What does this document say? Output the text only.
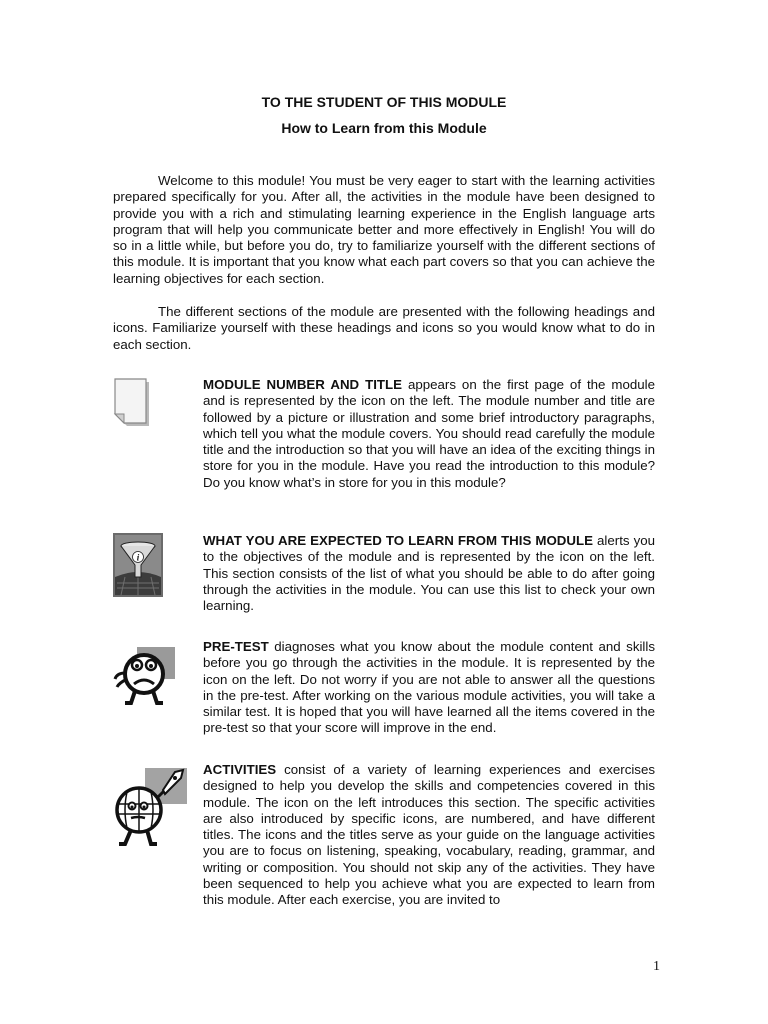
TO THE STUDENT OF THIS MODULE
How to Learn from this Module

Welcome to this module! You must be very eager to start with the learning activities prepared specifically for you. After all, the activities in the module have been designed to provide you with a rich and stimulating learning experience in the English language arts program that will help you communicate better and more effectively in English! You will do so in a little while, but before you do, try to familiarize yourself with the different sections of this module. It is important that you know what each part covers so that you can achieve the learning objectives for each section.

The different sections of the module are presented with the following headings and icons. Familiarize yourself with these headings and icons so you would know what to do in each section.

MODULE NUMBER AND TITLE appears on the first page of the module and is represented by the icon on the left. The module number and title are followed by a picture or illustration and some brief introductory paragraphs, which tell you what the module covers. You should read carefully the module title and the introduction so that you will have an idea of the exciting things in store for you in the module. Have you read the introduction to this module? Do you know what’s in store for you in this module?

i

WHAT YOU ARE EXPECTED TO LEARN FROM THIS MODULE alerts you to the objectives of the module and is represented by the icon on the left. This section consists of the list of what you should be able to do after going through the activities in the module. You can use this list to check your own learning.

PRE-TEST diagnoses what you know about the module content and skills before you go through the activities in the module. It is represented by the icon on the left. Do not worry if you are not able to answer all the questions in the pre-test. After working on the various module activities, you will take a similar test. It is hoped that you will have learned all the items covered in the pre-test so that your score will improve in the end.

ACTIVITIES consist of a variety of learning experiences and exercises designed to help you develop the skills and competencies covered in this module. The icon on the left introduces this section. The specific activities are also introduced by specific icons, are numbered, and have different titles. The icons and the titles serve as your guide on the language activities you are to focus on listening, speaking, vocabulary, reading, grammar, and writing or composition. You should not skip any of the activities. They have been sequenced to help you achieve what you are expected to learn from this module. After each exercise, you are invited to

1
